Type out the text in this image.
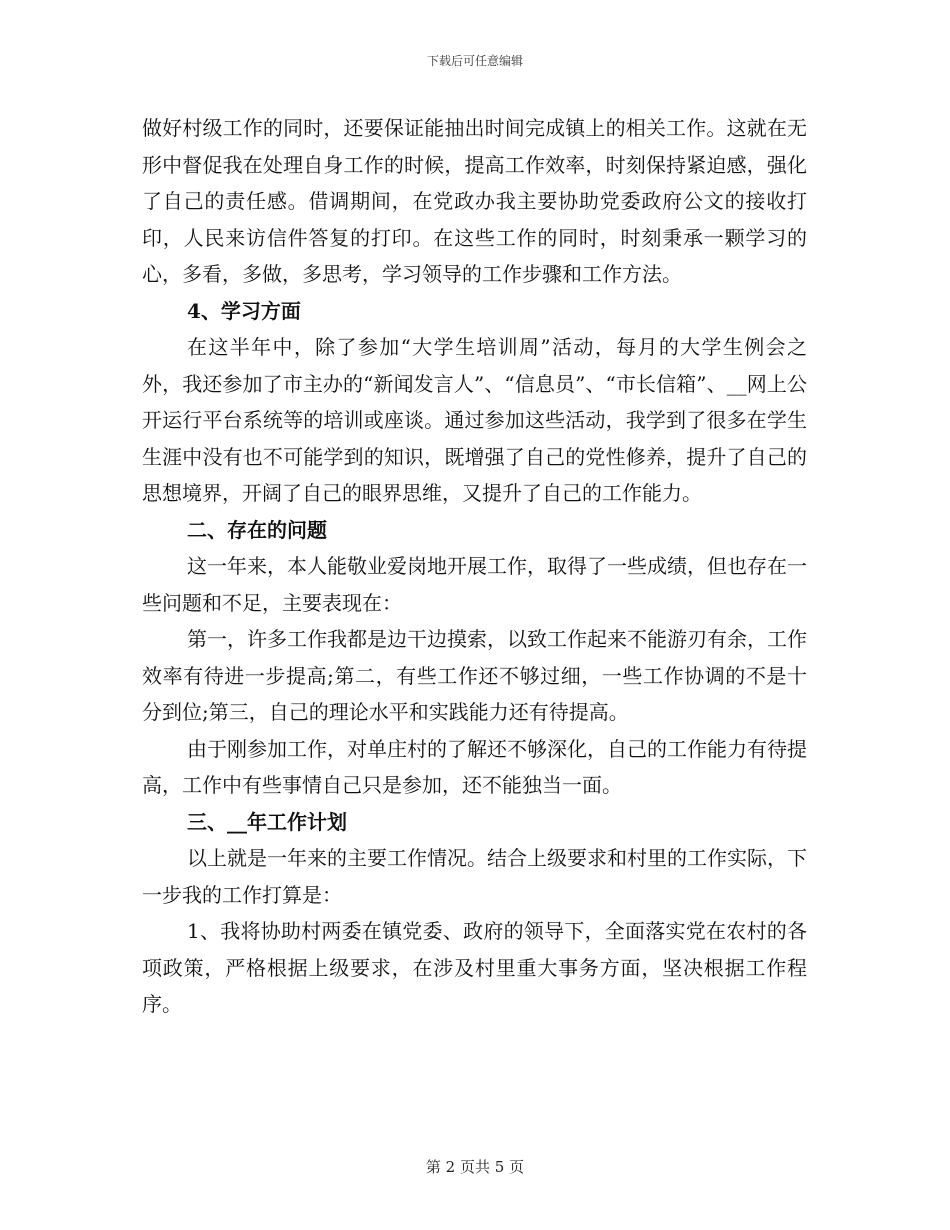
下载后可任意编辑

做好村级工作的同时，还要保证能抽出时间完成镇上的相关工作。这就在无形中督促我在处理自身工作的时候，提高工作效率，时刻保持紧迫感，强化了自己的责任感。借调期间，在党政办我主要协助党委政府公文的接收打印，人民来访信件答复的打印。在这些工作的同时，时刻秉承一颗学习的心，多看，多做，多思考，学习领导的工作步骤和工作方法。

4、学习方面

在这半年中，除了参加“大学生培训周”活动，每月的大学生例会之外，我还参加了市主办的“新闻发言人”、“信息员”、“市长信箱”、__网上公开运行平台系统等的培训或座谈。通过参加这些活动，我学到了很多在学生生涯中没有也不可能学到的知识，既增强了自己的党性修养，提升了自己的思想境界，开阔了自己的眼界思维，又提升了自己的工作能力。

二、存在的问题

这一年来，本人能敬业爱岗地开展工作，取得了一些成绩，但也存在一些问题和不足，主要表现在：

第一，许多工作我都是边干边摸索，以致工作起来不能游刃有余，工作效率有待进一步提高;第二，有些工作还不够过细，一些工作协调的不是十分到位;第三，自己的理论水平和实践能力还有待提高。

由于刚参加工作，对单庄村的了解还不够深化，自己的工作能力有待提高，工作中有些事情自己只是参加，还不能独当一面。

三、__年工作计划

以上就是一年来的主要工作情况。结合上级要求和村里的工作实际，下一步我的工作打算是：

1、我将协助村两委在镇党委、政府的领导下，全面落实党在农村的各项政策，严格根据上级要求，在涉及村里重大事务方面，坚决根据工作程序。

第 2 页共 5 页
